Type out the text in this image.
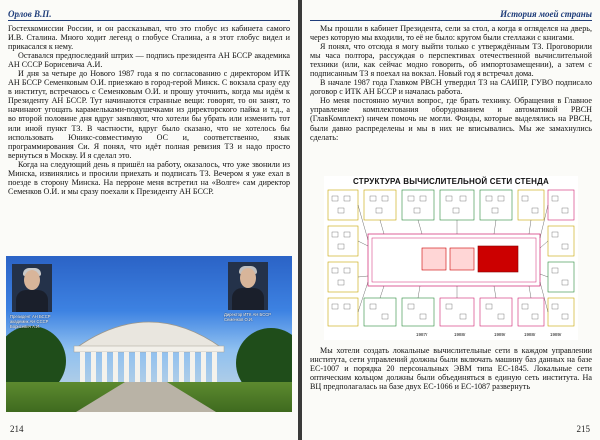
Орлов В.П.

Гостехкомиссии России, и он рассказывал, что это глобус из кабинета самого И.В. Сталина. Много ходит легенд о глобусе Сталина, а я этот глобус видел и прикасался к нему.

Оставался предпоследний штрих — подпись президента АН БССР академика АН СССР Борисевича А.И.

И дня за четыре до Нового 1987 года я по согласованию с директором ИТК АН БССР Семенковым О.И. приезжаю в город-герой Минск. С вокзала сразу еду в институт, встречаюсь с Семенковым О.И. и прошу уточнить, когда мы идём к Президенту АН БССР. Тут начинаются странные вещи: говорят, то он занят, то начинают угощать карамельками-подушечками из директорского пайка и т.д., а во второй половине дня вдруг заявляют, что хотели бы убрать или изменить тот или иной пункт ТЗ. В частности, вдруг было сказано, что не хотелось бы использовать Юникс-совместимую ОС и, соответственно, язык программирования Си. Я понял, что идёт полная ревизия ТЗ и надо просто вернуться в Москву. И я сделал это.

Когда на следующий день я пришёл на работу, оказалось, что уже звонили из Минска, извинялись и просили приехать и подписать ТЗ. Вечером я уже ехал в поезде в сторону Минска. На перроне меня встретил на «Волге» сам директор Семенков О.И. и мы сразу поехали к Президенту АН БССР.

Президент АН БССР
академик АН СССР
Борисевич А.И.
Директор ИТК АН БССР
Семенков О.И.
214
История моей страны

Мы прошли в кабинет Президента, сели за стол, а когда я огляделся на дверь, через которую мы входили, то её не было: кругом были стеллажи с книгами.

Я понял, что отсюда я могу выйти только с утверждённым ТЗ. Проговорили мы часа полтора, рассуждая о перспективах отечественной вычислительной техники (или, как сейчас модно говорить, об импортозамещении), а затем с подписанным ТЗ я поехал на вокзал. Новый год я встречал дома.

В начале 1987 года Главком РВСН утвердил ТЗ на САИПР, ГУВО подписало договор с ИТК АН БССР и началась работа.

Но меня постоянно мучил вопрос, где брать технику. Обращения в Главное управление комплектования оборудованием и автоматикой РВСН (ГлавКомплект) ничем помочь не могли. Фонды, которые выделялись на РВСН, были давно распределены и мы в них не вписывались. Мы же замахнулись сделать:

СТРУКТУРА ВЫЧИСЛИТЕЛЬНОЙ СЕТИ СТЕНДА
1987г	1988г	1989г	1988г	1989г

Мы хотели создать локальные вычислительные сети в каждом управлении института, сети управлений должны были включать машину баз данных на базе ЕС-1007 и порядка 20 персональных ЭВМ типа ЕС-1845. Локальные сети оптическим кольцом должны были объединяться в единую сеть института. На ВЦ предполагалась на базе двух ЕС-1066 и ЕС-1087 развернуть

215
